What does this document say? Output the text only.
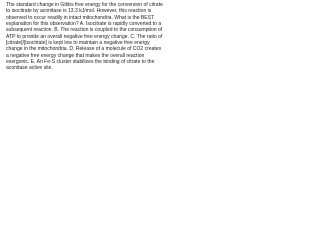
The standard change in Gibbs free energy for the conversion of citrate to isocitrate by aconitase is 13.3 kJ/mol. However, this reaction is observed to occur readily in intact mitochondria. What is the BEST explanation for this observation? A. Isocitrate is rapidly converted to a subsequent reaction. B. The reaction is coupled to the consumption of ATP to provide an overall negative free energy change. C. The ratio of [citrate]/[isocitrate] is kept low to maintain a negative free energy change in the mitochondria. D. Release of a molecule of CO2 creates a negative free energy change that makes the overall reaction exergonic. E. An Fe-S cluster stabilizes the binding of citrate to the aconitase active site.
